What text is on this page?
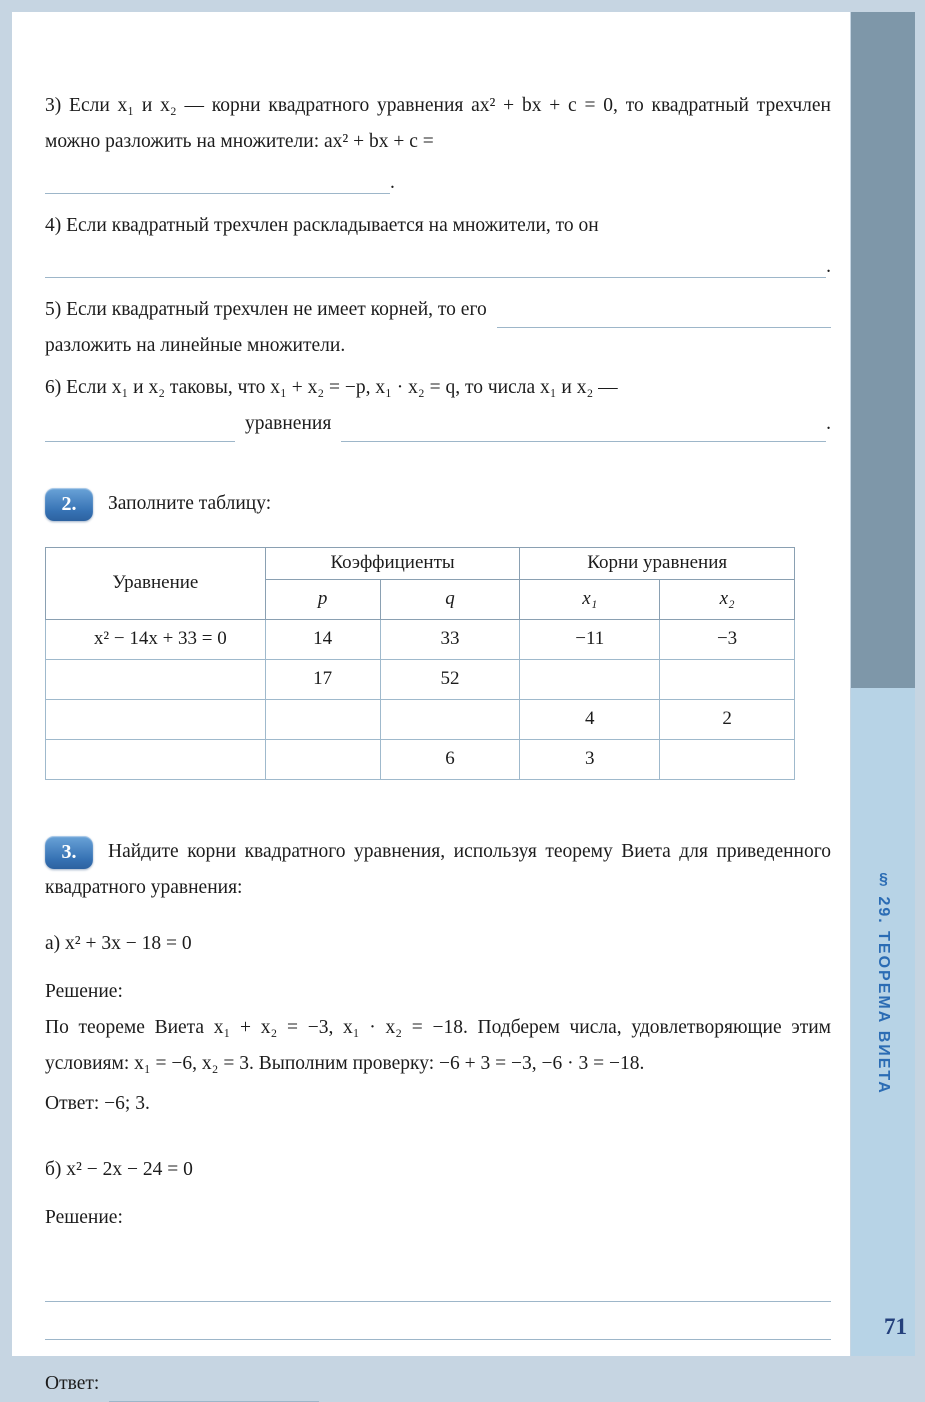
§ 29. ТЕОРЕМА ВИЕТА
71

3) Если x₁ и x₂ — корни квадратного уравнения ax² + bx + c = 0, то квадратный трехчлен можно разложить на множители: ax² + bx + c =

.

4) Если квадратный трехчлен раскладывается на множители, то он

.
5) Если квадратный трехчлен не имеет корней, то его

разложить на линейные множители.

6) Если x₁ и x₂ таковы, что x₁ + x₂ = −p, x₁ · x₂ = q, то числа x₁ и x₂ —

уравнения	.
2.	Заполните таблицу:
Уравнение	Коэффициенты		Корни уравнения	
	p	q	x₁	x₂
x² − 14x + 33 = 0	14	33	−11	−3
	17	52		
			4	2
		6	3	
3.	Найдите корни квадратного уравнения, используя теорему Виета для приведенного квадратного уравнения:

а) x² + 3x − 18 = 0

Решение:

По теореме Виета x₁ + x₂ = −3, x₁ · x₂ = −18. Подберем числа, удовлетворяющие этим условиям: x₁ = −6, x₂ = 3. Выполним проверку: −6 + 3 = −3, −6 · 3 = −18.

Ответ: −6; 3.

б) x² − 2x − 24 = 0

Решение:

Ответ:
